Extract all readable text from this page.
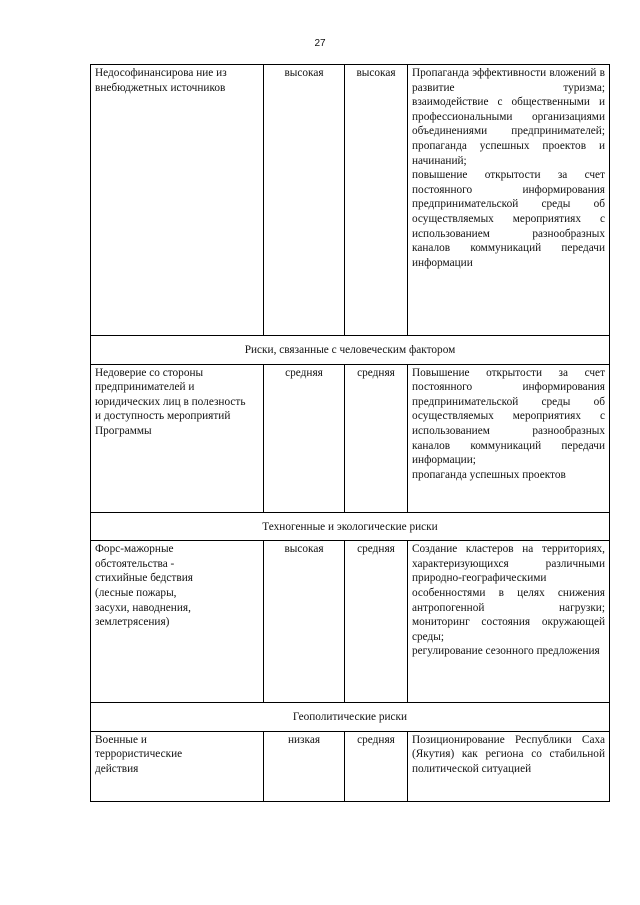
27
Недософинансирова ние из внебюджетных источников	высокая	высокая	Пропаганда эффективности вложений в развитие туризма;
взаимодействие с общественными и профессиональными организациями объединениями предпринимателей;
пропаганда успешных проектов и начинаний;
повышение открытости за счет постоянного информирования предпринимательской среды об осуществляемых мероприятиях с использованием разнообразных каналов коммуникаций передачи информации

Риски, связанные с человеческим фактором			
Недоверие со стороны предпринимателей и юридических лиц в полезность и доступность мероприятий Программы	средняя	средняя	Повышение открытости за счет постоянного информирования предпринимательской среды об осуществляемых мероприятиях с использованием разнообразных каналов коммуникаций передачи информации;
пропаганда успешных проектов

Техногенные и экологические риски			
Форс-мажорные обстоятельства - стихийные бедствия (лесные пожары, засухи, наводнения, землетрясения)	высокая	средняя	Создание кластеров на территориях, характеризующихся различными природно-географическими особенностями в целях снижения антропогенной нагрузки;
мониторинг состояния окружающей среды;
регулирование сезонного предложения

Геополитические риски			
Военные и террористические действия	низкая	средняя	Позиционирование Республики Саха (Якутия) как региона со стабильной политической ситуацией
